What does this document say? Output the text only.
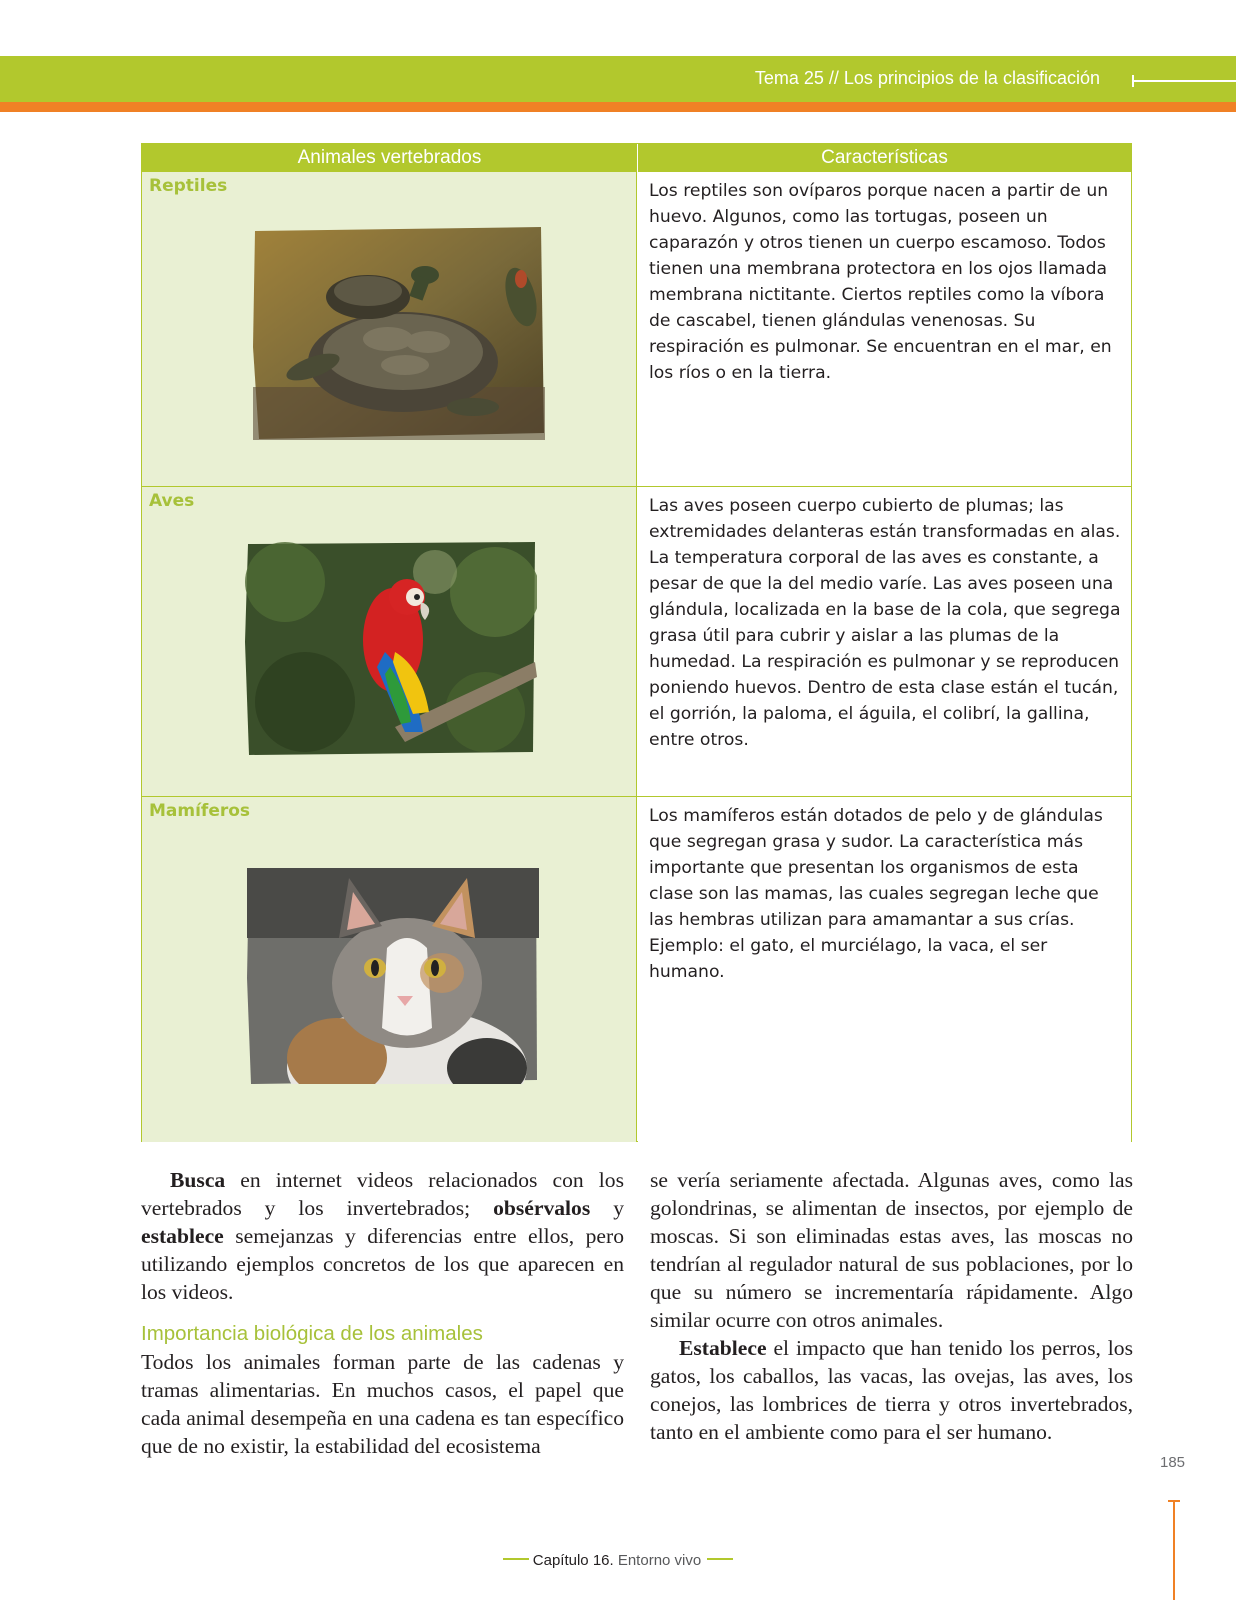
Tema 25 // Los principios de la clasificación
Animales vertebrados	Características
Reptiles	Los reptiles son ovíparos porque nacen a partir de un huevo. Algunos, como las tortugas, poseen un caparazón y otros tienen un cuerpo escamoso. Todos tienen una membrana protectora en los ojos llamada membrana nictitante. Ciertos reptiles como la víbora de cascabel, tienen glándulas venenosas. Su respiración es pulmonar. Se encuentran en el mar, en los ríos o en la tierra.
Aves	Las aves poseen cuerpo cubierto de plumas; las extremidades delanteras están transformadas en alas. La temperatura corporal de las aves es constante, a pesar de que la del medio varíe. Las aves poseen una glándula, localizada en la base de la cola, que segrega grasa útil para cubrir y aislar a las plumas de la humedad. La respiración es pulmonar y se reproducen poniendo huevos. Dentro de esta clase están el tucán, el gorrión, la paloma, el águila, el colibrí, la gallina, entre otros.
Mamíferos	Los mamíferos están dotados de pelo y de glándulas que segregan grasa y sudor. La característica más importante que presentan los organismos de esta clase son las mamas, las cuales segregan leche que las hembras utilizan para amamantar a sus crías. Ejemplo: el gato, el murciélago, la vaca, el ser humano.

Busca en internet videos relacionados con los vertebrados y los invertebrados; obsérvalos y establece semejanzas y diferencias entre ellos, pero utilizando ejemplos concretos de los que aparecen en los videos.

Importancia biológica de los animales

Todos los animales forman parte de las cadenas y tramas alimentarias. En muchos casos, el papel que cada animal desempeña en una cadena es tan específico que de no existir, la estabilidad del ecosistema

se vería seriamente afectada. Algunas aves, como las golondrinas, se alimentan de insectos, por ejemplo de moscas. Si son eliminadas estas aves, las moscas no tendrían al regulador natural de sus poblaciones, por lo que su número se incrementaría rápidamente. Algo similar ocurre con otros animales.

Establece el impacto que han tenido los perros, los gatos, los caballos, las vacas, las ovejas, las aves, los conejos, las lombrices de tierra y otros invertebrados, tanto en el ambiente como para el ser humano.

185
Capítulo 16. Entorno vivo
